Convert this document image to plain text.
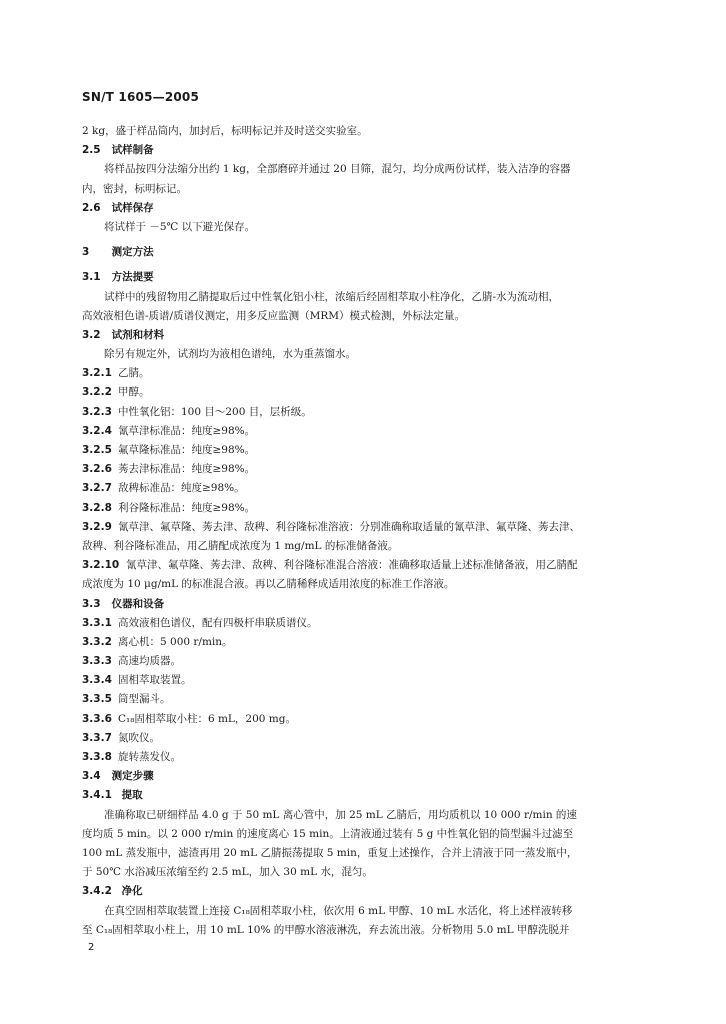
SN/T 1605—2005
2 kg，盛于样品筒内，加封后，标明标记并及时送交实验室。
2.5 试样制备
将样品按四分法缩分出约 1 kg，全部磨碎并通过 20 目筛，混匀，均分成两份试样，装入洁净的容器
内，密封，标明标记。
2.6 试样保存
将试样于 －5℃ 以下避光保存。
3 测定方法
3.1 方法提要
试样中的残留物用乙腈提取后过中性氧化铝小柱，浓缩后经固相萃取小柱净化，乙腈-水为流动相，
高效液相色谱-质谱/质谱仪测定，用多反应监测（MRM）模式检测，外标法定量。
3.2 试剂和材料
除另有规定外，试剂均为液相色谱纯，水为重蒸馏水。
3.2.1 乙腈。
3.2.2 甲醇。
3.2.3 中性氧化铝：100 目～200 目，层析级。
3.2.4 氰草津标准品：纯度≥98%。
3.2.5 氟草隆标准品：纯度≥98%。
3.2.6 莠去津标准品：纯度≥98%。
3.2.7 敌稗标准品：纯度≥98%。
3.2.8 利谷隆标准品：纯度≥98%。
3.2.9 氰草津、氟草隆、莠去津、敌稗、利谷隆标准溶液：分别准确称取适量的氰草津、氟草隆、莠去津、
敌稗、利谷隆标准品，用乙腈配成浓度为 1 mg/mL 的标准储备液。
3.2.10 氰草津、氟草隆、莠去津、敌稗、利谷隆标准混合溶液：准确移取适量上述标准储备液，用乙腈配
成浓度为 10 μg/mL 的标准混合液。再以乙腈稀释成适用浓度的标准工作溶液。
3.3 仪器和设备
3.3.1 高效液相色谱仪，配有四极杆串联质谱仪。
3.3.2 离心机：5 000 r/min。
3.3.3 高速均质器。
3.3.4 固相萃取装置。
3.3.5 筒型漏斗。
3.3.6 C₁₈固相萃取小柱：6 mL，200 mg。
3.3.7 氮吹仪。
3.3.8 旋转蒸发仪。
3.4 测定步骤
3.4.1 提取
准确称取已研细样品 4.0 g 于 50 mL 离心管中，加 25 mL 乙腈后，用均质机以 10 000 r/min 的速
度均质 5 min。以 2 000 r/min 的速度离心 15 min。上清液通过装有 5 g 中性氧化铝的筒型漏斗过滤至
100 mL 蒸发瓶中，滤渣再用 20 mL 乙腈振荡提取 5 min，重复上述操作，合并上清液于同一蒸发瓶中，
于 50℃ 水浴减压浓缩至约 2.5 mL，加入 30 mL 水，混匀。
3.4.2 净化
在真空固相萃取装置上连接 C₁₈固相萃取小柱，依次用 6 mL 甲醇、10 mL 水活化，将上述样液转移
至 C₁₈固相萃取小柱上，用 10 mL 10% 的甲醇水溶液淋洗，弃去流出液。分析物用 5.0 mL 甲醇洗脱并
2
